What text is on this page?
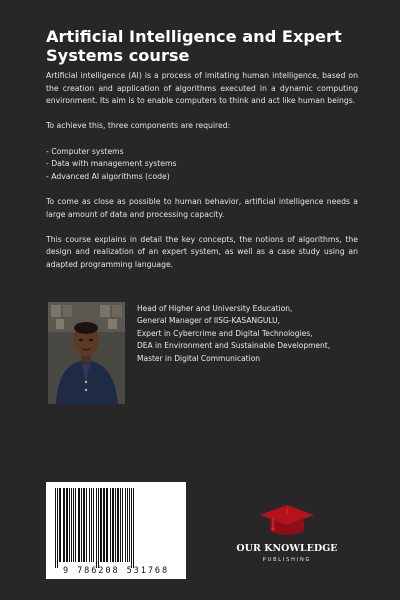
Artificial Intelligence and Expert Systems course

Artificial intelligence (AI) is a process of imitating human intelligence, based on the creation and application of algorithms executed in a dynamic computing environment. Its aim is to enable computers to think and act like human beings.

To achieve this, three components are required:

- Computer systems
- Data with management systems
- Advanced AI algorithms (code)

To come as close as possible to human behavior, artificial intelligence needs a large amount of data and processing capacity.

This course explains in detail the key concepts, the notions of algorithms, the design and realization of an expert system, as well as a case study using an adapted programming language.

Head of Higher and University Education,
General Manager of IISG-KASANGULU,
Expert in Cybercrime and Digital Technologies,
DEA in Environment and Sustainable Development,
Master in Digital Communication
9 786208 531768
OUR KNOWLEDGE
PUBLISHING
